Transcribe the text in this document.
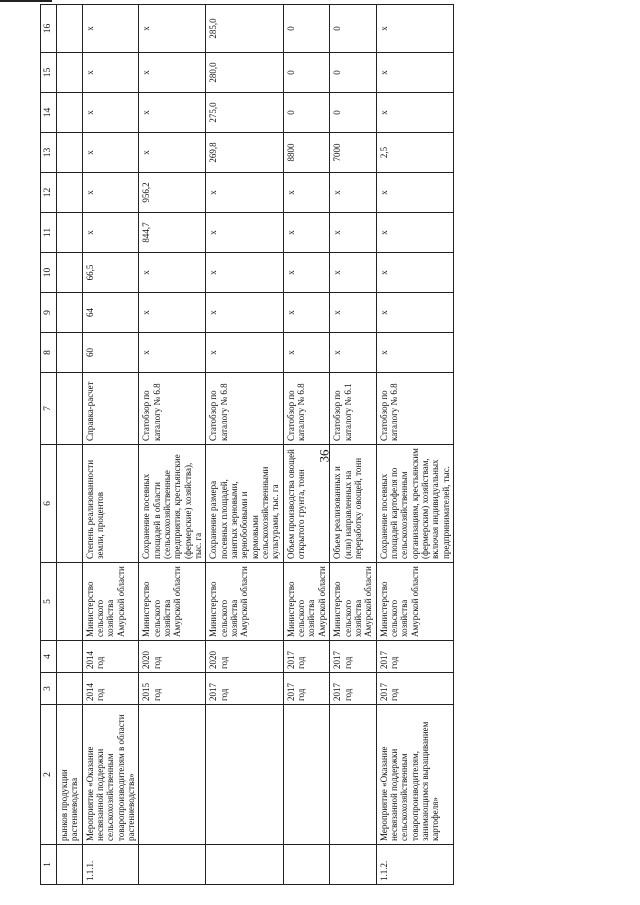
36
1	2	3	4	5	6	7	8	9	10	11	12	13	14	15	16
	рынков продукции растениеводства														
1.1.1.	Мероприятие «Оказание несвязанной поддержки сельскохозяйственным товаропроизводителям в области растениеводства»	2014 год	2014 год	Министерство сельского хозяйства Амурской области	Степень реализованности земли, процентов	Справка-расчет	60	64	66,5	x	x	x	x	x	x
		2015 год	2020 год	Министерство сельского хозяйства Амурской области	Сохранение посевных площадей в области (сельскохозяйственные предприятия, крестьянские (фермерские) хозяйства), тыс. га	Статобзор по каталогу № 6.8	x	x	x	844,7	956,2	x	x	x	x
		2017 год	2020 год	Министерство сельского хозяйства Амурской области	Сохранение размера посевных площадей, занятых зерновыми, зернобобовыми и кормовыми сельскохозяйственными культурами, тыс. га	Статобзор по каталогу № 6.8	x	x	x	x	x	269,8	275,0	280,0	285,0
		2017 год	2017 год	Министерство сельского хозяйства Амурской области	Объем производства овощей открытого грунта, тонн	Статобзор по каталогу № 6.8	x	x	x	x	x	8800	0	0	0
		2017 год	2017 год	Министерство сельского хозяйства Амурской области	Объем реализованных и (или) направленных на переработку овощей, тонн	Статобзор по каталогу № 6.1	x	x	x	x	x	7000	0	0	0
1.1.2.	Мероприятие «Оказание несвязанной поддержки сельскохозяйственным товаропроизводителям, занимающимся выращиванием картофеля»	2017 год	2017 год	Министерство сельского хозяйства Амурской области	Сохранение посевных площадей картофеля по сельскохозяйственным организациям, крестьянским (фермерским) хозяйствам, включая индивидуальных предпринимателей, тыс.	Статобзор по каталогу № 6.8	x	x	x	x	x	2,5	x	x	x
